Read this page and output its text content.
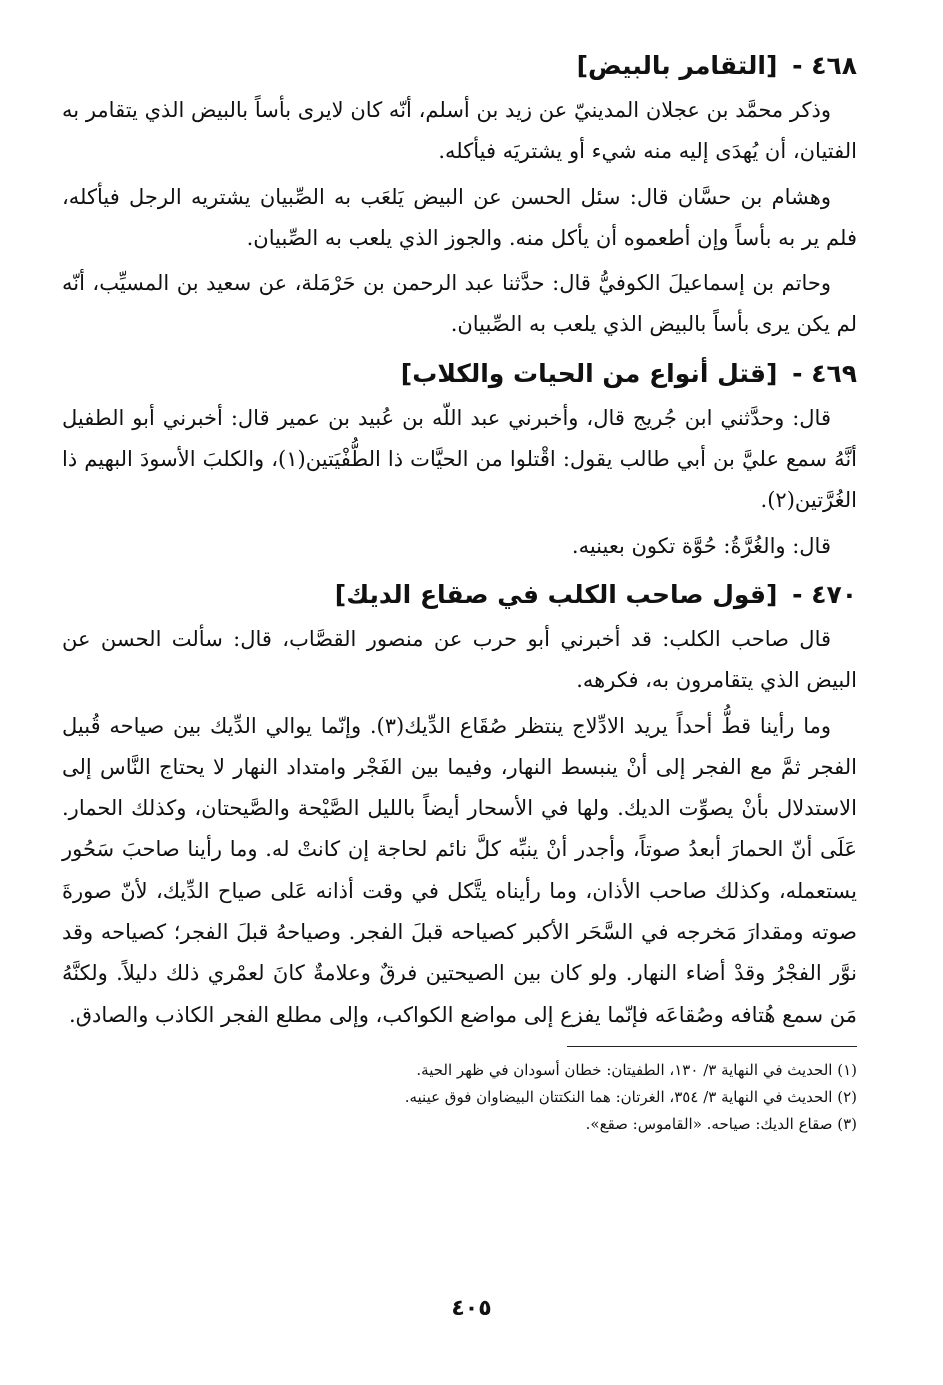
٤٦٨ - [التقامر بالبيض]

وذكر محمَّد بن عجلان المدينيّ عن زيد بن أسلم، أنّه كان لايرى بأساً بالبيض الذي يتقامر به الفتيان، أن يُهدَى إليه منه شيء أو يشتريَه فيأكله.

وهشام بن حسَّان قال: سئل الحسن عن البيض يَلعَب به الصِّبيان يشتريه الرجل فيأكله، فلم ير به بأساً وإن أطعموه أن يأكل منه. والجوز الذي يلعب به الصِّبيان.

وحاتم بن إسماعيلَ الكوفيُّ قال: حدَّثنا عبد الرحمن بن حَرْمَلة، عن سعيد بن المسيِّب، أنّه لم يكن يرى بأساً بالبيض الذي يلعب به الصِّبيان.

٤٦٩ - [قتل أنواع من الحيات والكلاب]

قال: وحدَّثني ابن جُريج قال، وأخبرني عبد اللّه بن عُبيد بن عمير قال: أخبرني أبو الطفيل أنَّهُ سمع عليَّ بن أبي طالب يقول: اقْتلوا من الحيَّات ذا الطُّفْيَتين(١)، والكلبَ الأسودَ البهيم ذا الغُرَّتين(٢).

قال: والغُرَّةُ: حُوَّة تكون بعينيه.

٤٧٠ - [قول صاحب الكلب في صقاع الديك]

قال صاحب الكلب: قد أخبرني أبو حرب عن منصور القصَّاب، قال: سألت الحسن عن البيض الذي يتقامرون به، فكرهه.

وما رأينا قطُّ أحداً يريد الادِّلاج ينتظر صُقَاع الدِّيك(٣). وإنّما يوالي الدِّيك بين صياحه قُبيل الفجر ثمَّ مع الفجر إلى أنْ ينبسط النهار، وفيما بين الفَجْر وامتداد النهار لا يحتاج النَّاس إلى الاستدلال بأنْ يصوِّت الديك. ولها في الأسحار أيضاً بالليل الصَّيْحة والصَّيحتان، وكذلك الحمار. عَلَى أنّ الحمارَ أبعدُ صوتاً، وأجدر أنْ ينبِّه كلَّ نائم لحاجة إن كانتْ له. وما رأينا صاحبَ سَحُور يستعمله، وكذلك صاحب الأذان، وما رأيناه يتَّكل في وقت أذانه عَلى صياح الدِّيك، لأنّ صورةَ صوته ومقدارَ مَخرجه في السَّحَر الأكبر كصياحه قبلَ الفجر. وصياحهُ قبلَ الفجر؛ كصياحه وقد نوَّر الفجْرُ وقدْ أضاء النهار. ولو كان بين الصيحتين فرقٌ وعلامةٌ كانَ لعمْري ذلك دليلاً. ولكنَّهُ مَن سمع هُتافه وصُقاعَه فإنّما يفزع إلى مواضع الكواكب، وإلى مطلع الفجر الكاذب والصادق.

(١) الحديث في النهاية ٣/ ١٣٠، الطفيتان: خطان أسودان في ظهر الحية.

(٢) الحديث في النهاية ٣/ ٣٥٤، الغرتان: هما النكتتان البيضاوان فوق عينيه.

(٣) صقاع الديك: صياحه. «القاموس: صقع».

٤٠٥
